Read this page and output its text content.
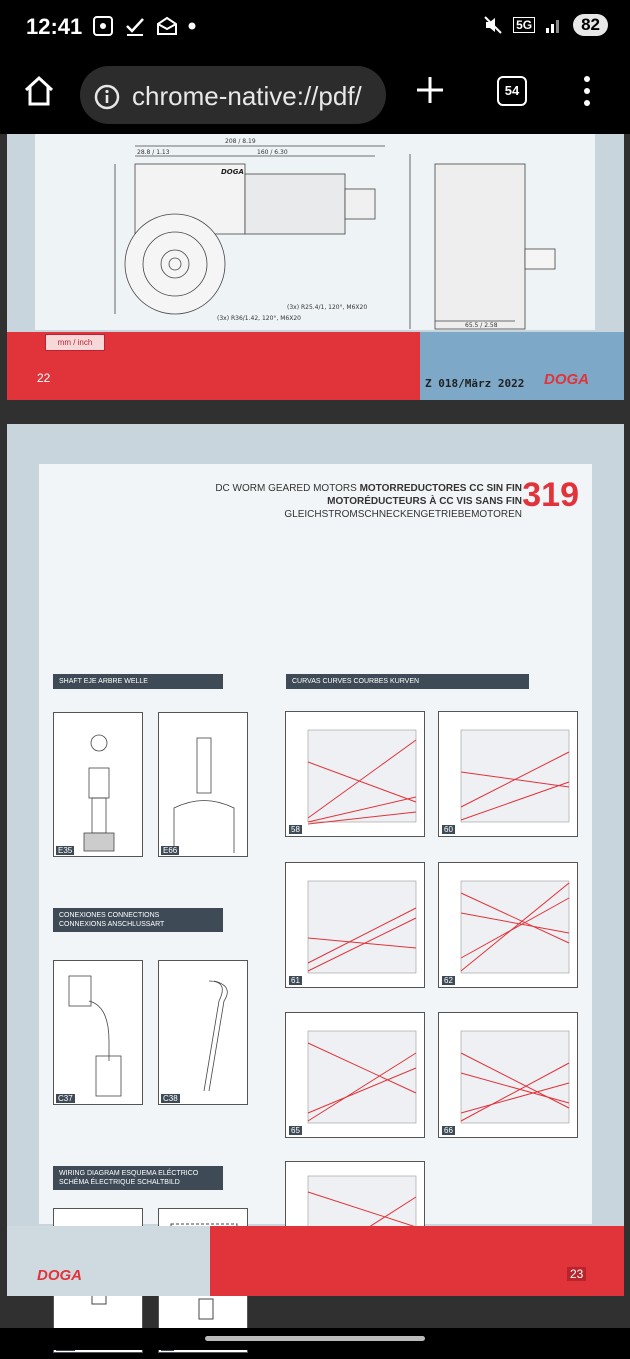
12:41	5G	82
chrome-native://pdf/	54
208 / 8.19
28.8 / 1.13	160 / 6.30
(3x) R25.4/1, 120°, M6X20
(3x) R36/1.42, 120°, M6X20
65.5 / 2.58
DOGA
mm / inch
22	Z 018/März 2022 DOGA
DC WORM GEARED MOTORS MOTORREDUCTORES CC SIN FIN
MOTORÉDUCTEURS À CC VIS SANS FIN GLEICHSTROMSCHNECKENGETRIEBEMOTOREN
319
SHAFT EJE ARBRE WELLE
E35	E66
CONEXIONES CONNECTIONS
CONNEXIONS ANSCHLUSSART
C37	C38
WIRING DIAGRAM ESQUEMA ELÉCTRICO
SCHÉMA ÉLECTRIQUE SCHALTBILD
CURVAS CURVES COURBES KURVEN
58	60
61	62
65	66
DOGA	23
